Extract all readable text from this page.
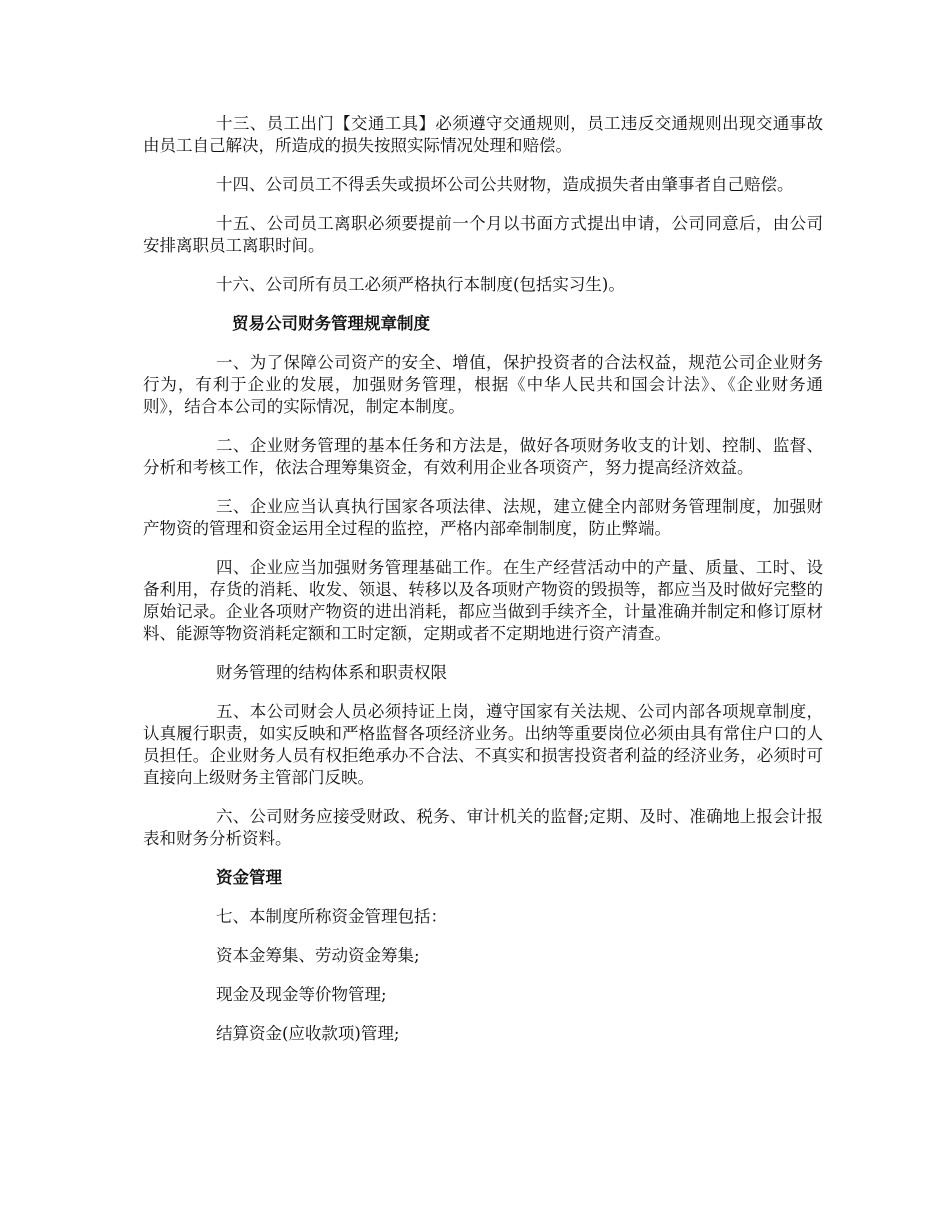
十三、员工出门【交通工具】必须遵守交通规则，员工违反交通规则出现交通事故由员工自己解决，所造成的损失按照实际情况处理和赔偿。

十四、公司员工不得丢失或损坏公司公共财物，造成损失者由肇事者自己赔偿。

十五、公司员工离职必须要提前一个月以书面方式提出申请，公司同意后，由公司安排离职员工离职时间。

十六、公司所有员工必须严格执行本制度(包括实习生)。

贸易公司财务管理规章制度

一、为了保障公司资产的安全、增值，保护投资者的合法权益，规范公司企业财务行为，有利于企业的发展，加强财务管理，根据《中华人民共和国会计法》、《企业财务通则》，结合本公司的实际情况，制定本制度。

二、企业财务管理的基本任务和方法是，做好各项财务收支的计划、控制、监督、分析和考核工作，依法合理筹集资金，有效利用企业各项资产，努力提高经济效益。

三、企业应当认真执行国家各项法律、法规，建立健全内部财务管理制度，加强财产物资的管理和资金运用全过程的监控，严格内部牵制制度，防止弊端。

四、企业应当加强财务管理基础工作。在生产经营活动中的产量、质量、工时、设备利用，存货的消耗、收发、领退、转移以及各项财产物资的毁损等，都应当及时做好完整的原始记录。企业各项财产物资的进出消耗，都应当做到手续齐全，计量准确并制定和修订原材料、能源等物资消耗定额和工时定额，定期或者不定期地进行资产清查。

财务管理的结构体系和职责权限

五、本公司财会人员必须持证上岗，遵守国家有关法规、公司内部各项规章制度，认真履行职责，如实反映和严格监督各项经济业务。出纳等重要岗位必须由具有常住户口的人员担任。企业财务人员有权拒绝承办不合法、不真实和损害投资者利益的经济业务，必须时可直接向上级财务主管部门反映。

六、公司财务应接受财政、税务、审计机关的监督;定期、及时、准确地上报会计报表和财务分析资料。

资金管理

七、本制度所称资金管理包括：

资本金筹集、劳动资金筹集;

现金及现金等价物管理;

结算资金(应收款项)管理;
